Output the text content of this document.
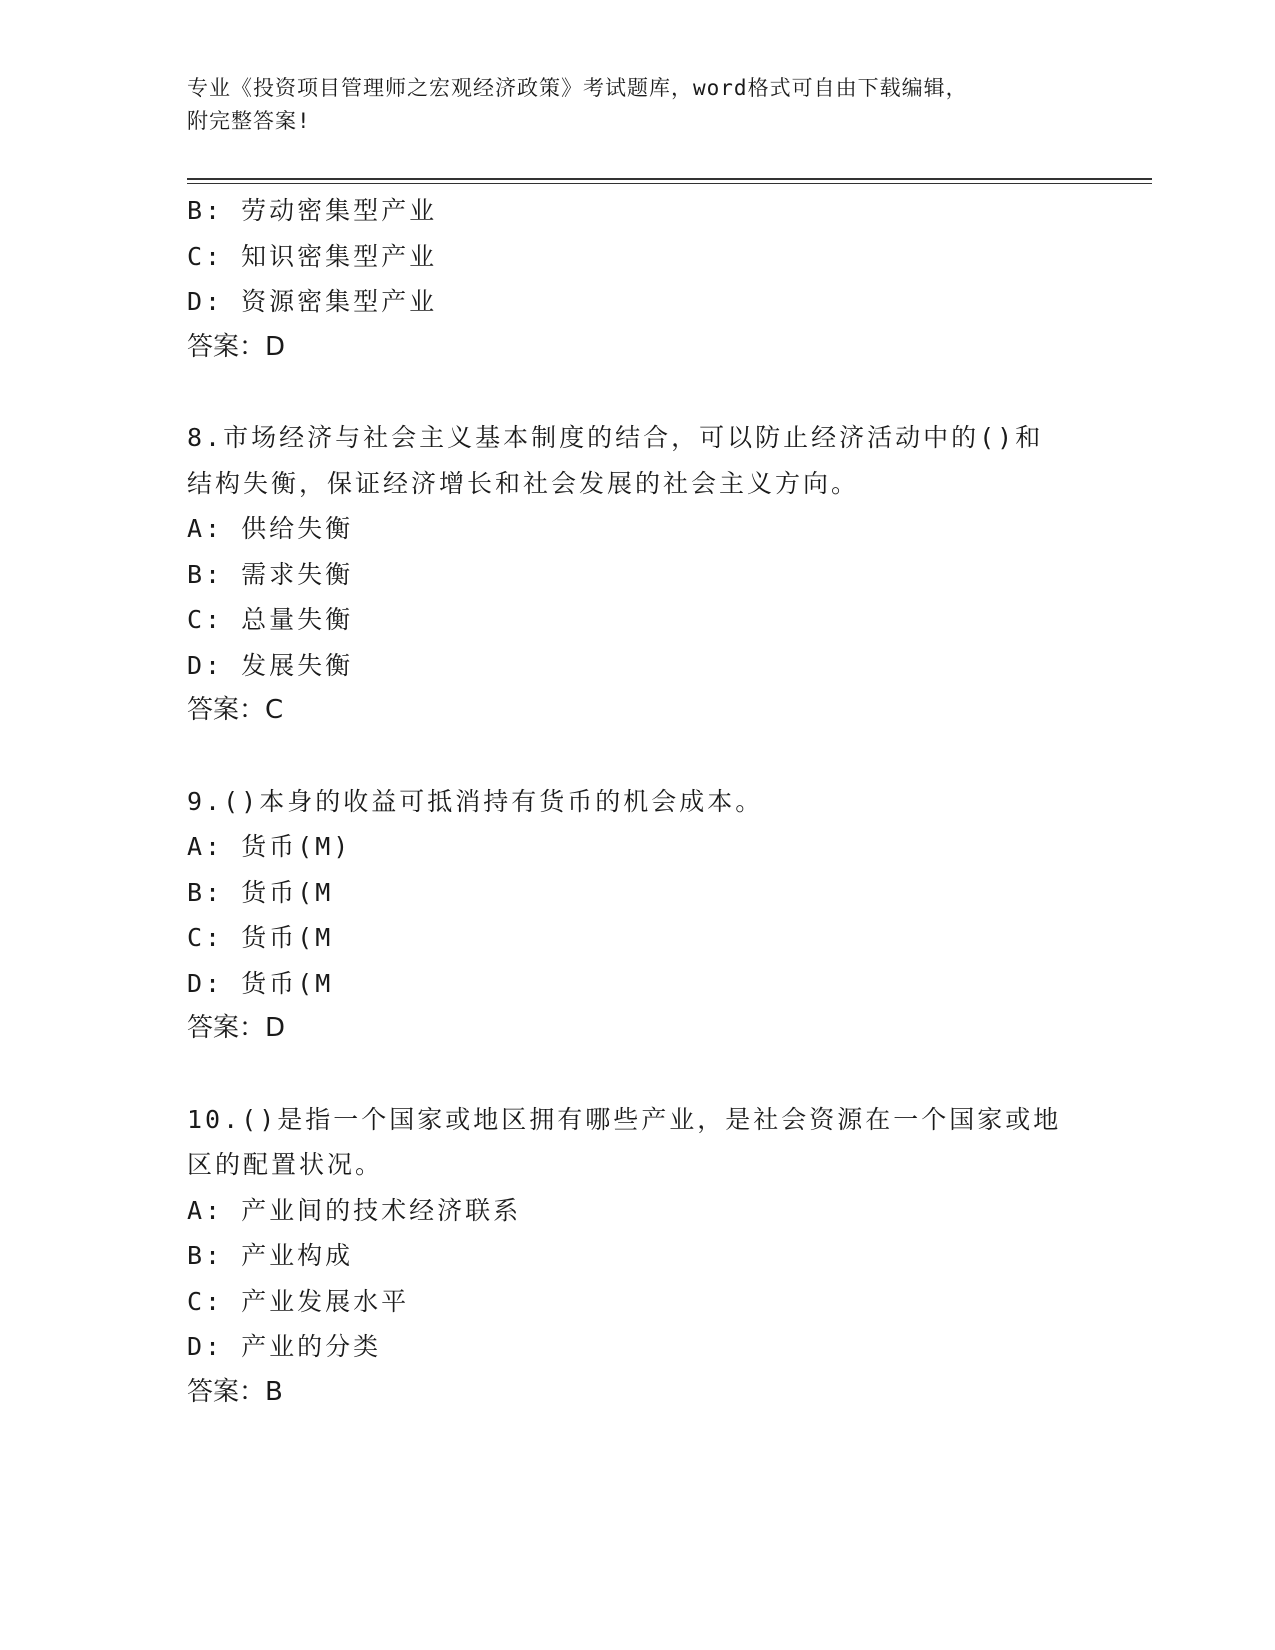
专业《投资项目管理师之宏观经济政策》考试题库，word格式可自由下载编辑，
附完整答案!
B: 劳动密集型产业
C: 知识密集型产业
D: 资源密集型产业
答案：D
8.市场经济与社会主义基本制度的结合，可以防止经济活动中的()和
结构失衡，保证经济增长和社会发展的社会主义方向。
A: 供给失衡
B: 需求失衡
C: 总量失衡
D: 发展失衡
答案：C
9.()本身的收益可抵消持有货币的机会成本。
A: 货币(M)
B: 货币(M
C: 货币(M
D: 货币(M
答案：D
10.()是指一个国家或地区拥有哪些产业，是社会资源在一个国家或地
区的配置状况。
A: 产业间的技术经济联系
B: 产业构成
C: 产业发展水平
D: 产业的分类
答案：B
